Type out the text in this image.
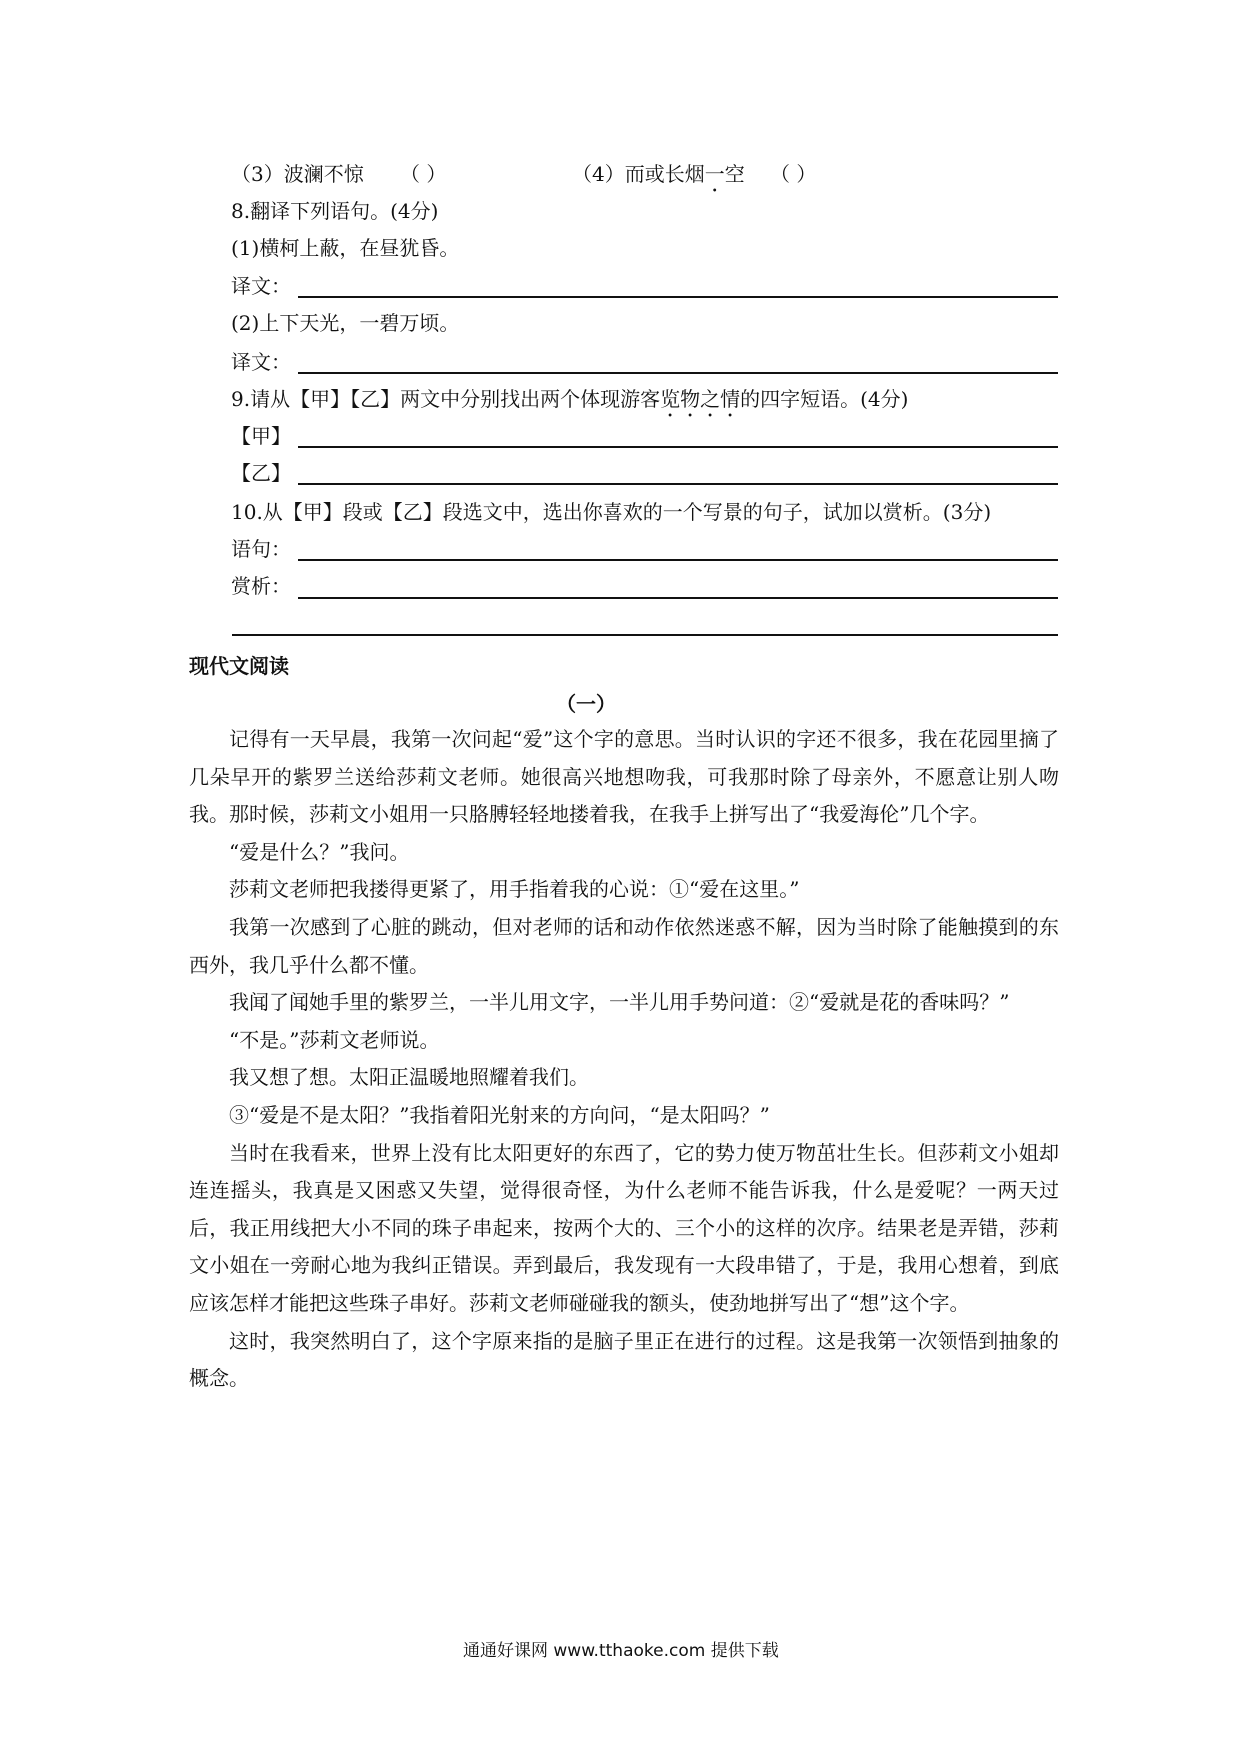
（3）波澜不惊 （ ）	（4）而或长烟一空 （ ）
8.翻译下列语句。(4分)
(1)横柯上蔽，在昼犹昏。
译文：
(2)上下天光，一碧万顷。
译文：
9.请从【甲】【乙】两文中分别找出两个体现游客览物之情的四字短语。(4分)
【甲】
【乙】
10.从【甲】段或【乙】段选文中，选出你喜欢的一个写景的句子，试加以赏析。(3分)
语句：
赏析：
现代文阅读
（一）

记得有一天早晨，我第一次问起“爱”这个字的意思。当时认识的字还不很多，我在花园里摘了几朵早开的紫罗兰送给莎莉文老师。她很高兴地想吻我，可我那时除了母亲外，不愿意让别人吻我。那时候，莎莉文小姐用一只胳膊轻轻地搂着我，在我手上拼写出了“我爱海伦”几个字。

“爱是什么？”我问。

莎莉文老师把我搂得更紧了，用手指着我的心说：①“爱在这里。”

我第一次感到了心脏的跳动，但对老师的话和动作依然迷惑不解，因为当时除了能触摸到的东西外，我几乎什么都不懂。

我闻了闻她手里的紫罗兰，一半儿用文字，一半儿用手势问道：②“爱就是花的香味吗？”

“不是。”莎莉文老师说。

我又想了想。太阳正温暖地照耀着我们。

③“爱是不是太阳？”我指着阳光射来的方向问，“是太阳吗？”

当时在我看来，世界上没有比太阳更好的东西了，它的势力使万物茁壮生长。但莎莉文小姐却连连摇头，我真是又困惑又失望，觉得很奇怪，为什么老师不能告诉我，什么是爱呢？一两天过后，我正用线把大小不同的珠子串起来，按两个大的、三个小的这样的次序。结果老是弄错，莎莉文小姐在一旁耐心地为我纠正错误。弄到最后，我发现有一大段串错了，于是，我用心想着，到底应该怎样才能把这些珠子串好。莎莉文老师碰碰我的额头，使劲地拼写出了“想”这个字。

这时，我突然明白了，这个字原来指的是脑子里正在进行的过程。这是我第一次领悟到抽象的概念。

通通好课网 www.tthaoke.com 提供下载
